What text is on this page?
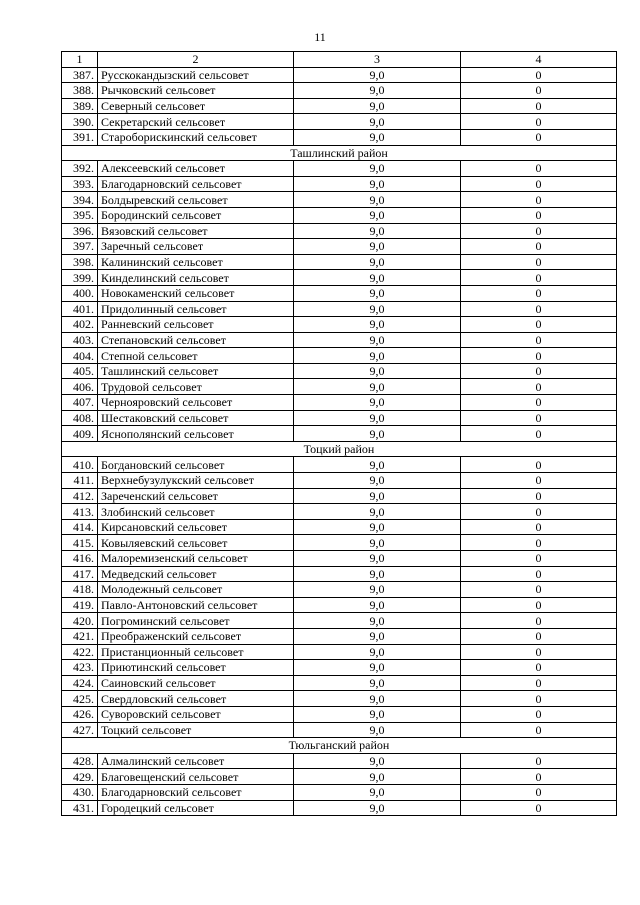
11
1	2	3	4
387.	Русскокандызский сельсовет	9,0	0
388.	Рычковский сельсовет	9,0	0
389.	Северный сельсовет	9,0	0
390.	Секретарский сельсовет	9,0	0
391.	Староборискинский сельсовет	9,0	0
Ташлинский район			
392.	Алексеевский сельсовет	9,0	0
393.	Благодарновский сельсовет	9,0	0
394.	Болдыревский сельсовет	9,0	0
395.	Бородинский сельсовет	9,0	0
396.	Вязовский сельсовет	9,0	0
397.	Заречный сельсовет	9,0	0
398.	Калининский сельсовет	9,0	0
399.	Кинделинский сельсовет	9,0	0
400.	Новокаменский сельсовет	9,0	0
401.	Придолинный сельсовет	9,0	0
402.	Ранневский сельсовет	9,0	0
403.	Степановский сельсовет	9,0	0
404.	Степной сельсовет	9,0	0
405.	Ташлинский сельсовет	9,0	0
406.	Трудовой сельсовет	9,0	0
407.	Чернояровский сельсовет	9,0	0
408.	Шестаковский сельсовет	9,0	0
409.	Яснополянский сельсовет	9,0	0
Тоцкий район			
410.	Богдановский сельсовет	9,0	0
411.	Верхнебузулукский сельсовет	9,0	0
412.	Зареченский сельсовет	9,0	0
413.	Злобинский сельсовет	9,0	0
414.	Кирсановский сельсовет	9,0	0
415.	Ковыляевский сельсовет	9,0	0
416.	Малоремизенский сельсовет	9,0	0
417.	Медведский сельсовет	9,0	0
418.	Молодежный сельсовет	9,0	0
419.	Павло-Антоновский сельсовет	9,0	0
420.	Погроминский сельсовет	9,0	0
421.	Преображенский сельсовет	9,0	0
422.	Пристанционный сельсовет	9,0	0
423.	Приютинский сельсовет	9,0	0
424.	Саиновский сельсовет	9,0	0
425.	Свердловский сельсовет	9,0	0
426.	Суворовский сельсовет	9,0	0
427.	Тоцкий сельсовет	9,0	0
Тюльганский район			
428.	Алмалинский сельсовет	9,0	0
429.	Благовещенский сельсовет	9,0	0
430.	Благодарновский сельсовет	9,0	0
431.	Городецкий сельсовет	9,0	0
